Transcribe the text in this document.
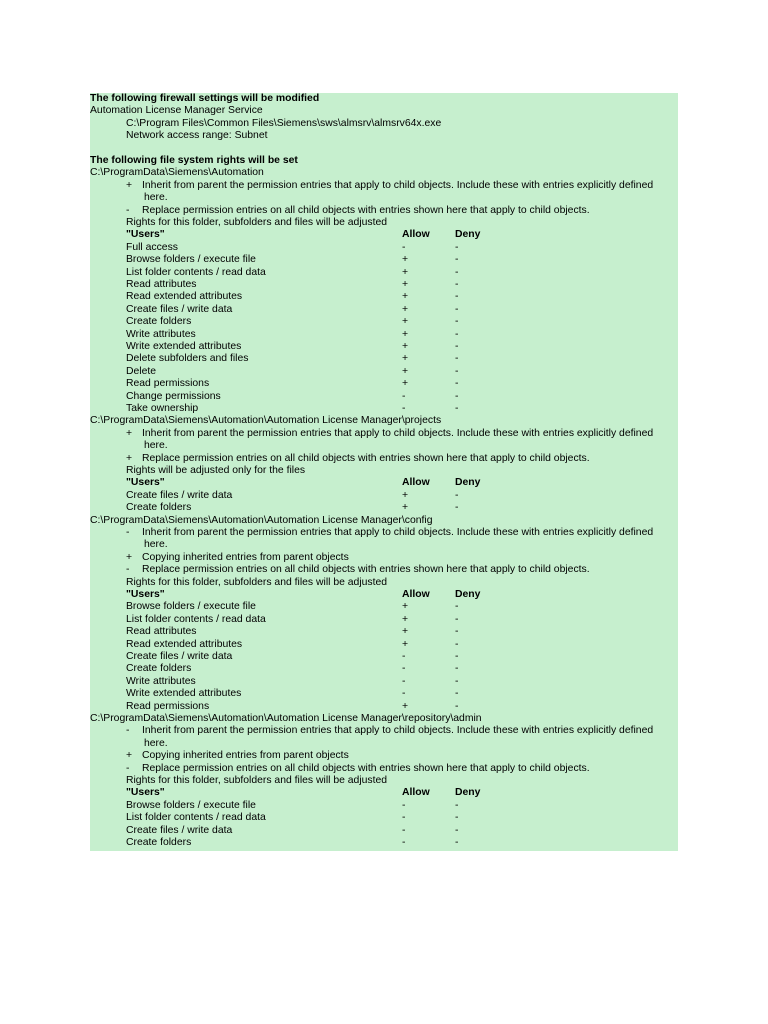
The following firewall settings will be modified
Automation License Manager Service
C:\Program Files\Common Files\Siemens\sws\almsrv\almsrv64x.exe
Network access range: Subnet
The following file system rights will be set
C:\ProgramData\Siemens\Automation
+ Inherit from parent the permission entries that apply to child objects. Include these with entries explicitly defined
here.
- Replace permission entries on all child objects with entries shown here that apply to child objects.
Rights for this folder, subfolders and files will be adjusted
"Users"	Allow Deny
Full access	-	-
Browse folders / execute file	+	-
List folder contents / read data	+	-
Read attributes	+	-
Read extended attributes	+	-
Create files / write data	+	-
Create folders	+	-
Write attributes	+	-
Write extended attributes	+	-
Delete subfolders and files	+	-
Delete	+	-
Read permissions	+	-
Change permissions	-	-
Take ownership	-	-
C:\ProgramData\Siemens\Automation\Automation License Manager\projects
+ Inherit from parent the permission entries that apply to child objects. Include these with entries explicitly defined
here.
+ Replace permission entries on all child objects with entries shown here that apply to child objects.
Rights will be adjusted only for the files
"Users"	Allow Deny
Create files / write data	+	-
Create folders	+	-
C:\ProgramData\Siemens\Automation\Automation License Manager\config
- Inherit from parent the permission entries that apply to child objects. Include these with entries explicitly defined
here.
+ Copying inherited entries from parent objects
- Replace permission entries on all child objects with entries shown here that apply to child objects.
Rights for this folder, subfolders and files will be adjusted
"Users"	Allow Deny
Browse folders / execute file	+	-
List folder contents / read data	+	-
Read attributes	+	-
Read extended attributes	+	-
Create files / write data	-	-
Create folders	-	-
Write attributes	-	-
Write extended attributes	-	-
Read permissions	+	-
C:\ProgramData\Siemens\Automation\Automation License Manager\repository\admin
- Inherit from parent the permission entries that apply to child objects. Include these with entries explicitly defined
here.
+ Copying inherited entries from parent objects
- Replace permission entries on all child objects with entries shown here that apply to child objects.
Rights for this folder, subfolders and files will be adjusted
"Users"	Allow Deny
Browse folders / execute file	-	-
List folder contents / read data	-	-
Create files / write data	-	-
Create folders	-	-
